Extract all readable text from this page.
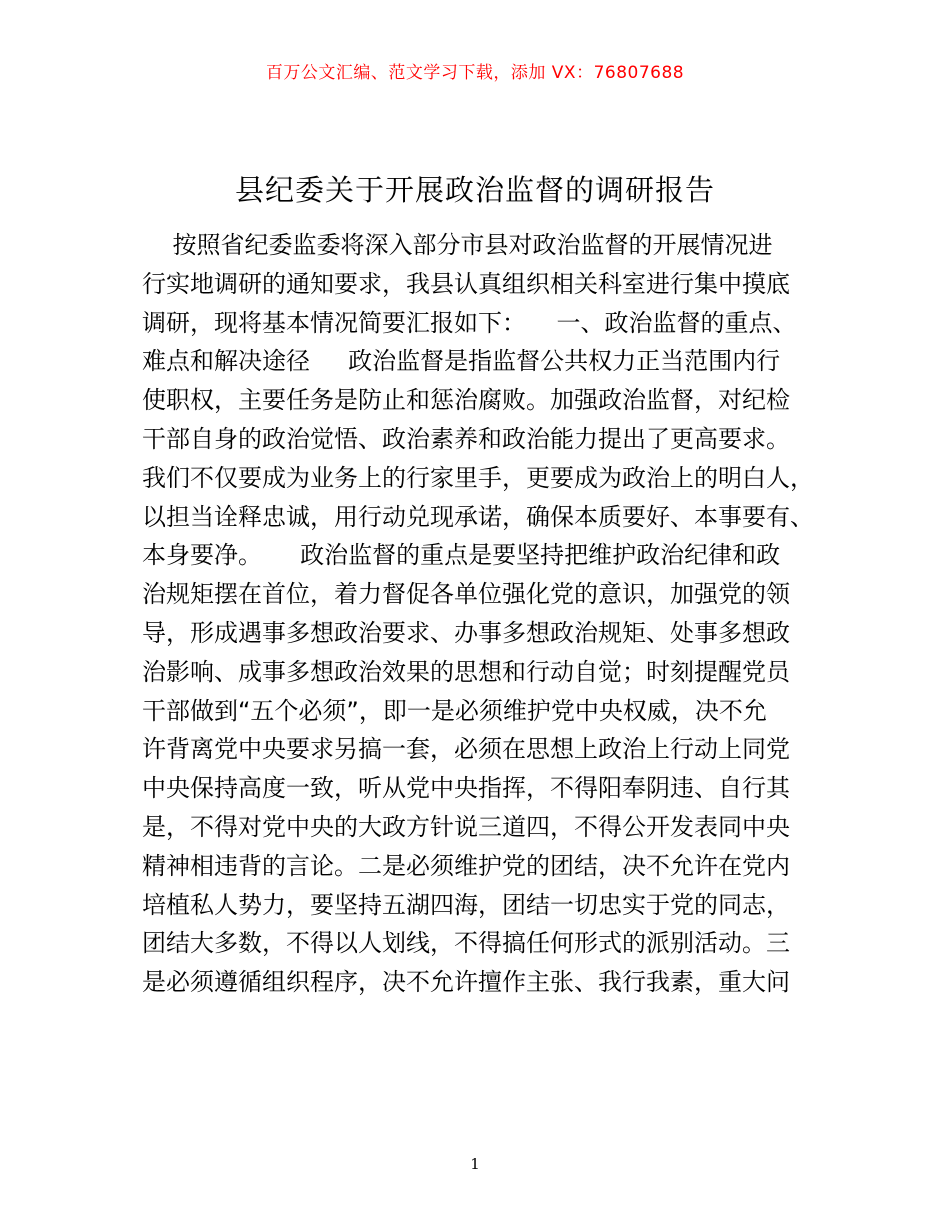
百万公文汇编、范文学习下载，添加 VX：76807688
县纪委关于开展政治监督的调研报告
按照省纪委监委将深入部分市县对政治监督的开展情况进
行实地调研的通知要求，我县认真组织相关科室进行集中摸底
调研，现将基本情况简要汇报如下：    一、政治监督的重点、
难点和解决途径     政治监督是指监督公共权力正当范围内行
使职权，主要任务是防止和惩治腐败。加强政治监督，对纪检
干部自身的政治觉悟、政治素养和政治能力提出了更高要求。
我们不仅要成为业务上的行家里手，更要成为政治上的明白人，
以担当诠释忠诚，用行动兑现承诺，确保本质要好、本事要有、
本身要净。     政治监督的重点是要坚持把维护政治纪律和政
治规矩摆在首位，着力督促各单位强化党的意识，加强党的领
导，形成遇事多想政治要求、办事多想政治规矩、处事多想政
治影响、成事多想政治效果的思想和行动自觉；时刻提醒党员
干部做到“五个必须”，即一是必须维护党中央权威，决不允
许背离党中央要求另搞一套，必须在思想上政治上行动上同党
中央保持高度一致，听从党中央指挥，不得阳奉阴违、自行其
是，不得对党中央的大政方针说三道四，不得公开发表同中央
精神相违背的言论。二是必须维护党的团结，决不允许在党内
培植私人势力，要坚持五湖四海，团结一切忠实于党的同志，
团结大多数，不得以人划线，不得搞任何形式的派别活动。三
是必须遵循组织程序，决不允许擅作主张、我行我素，重大问
1
